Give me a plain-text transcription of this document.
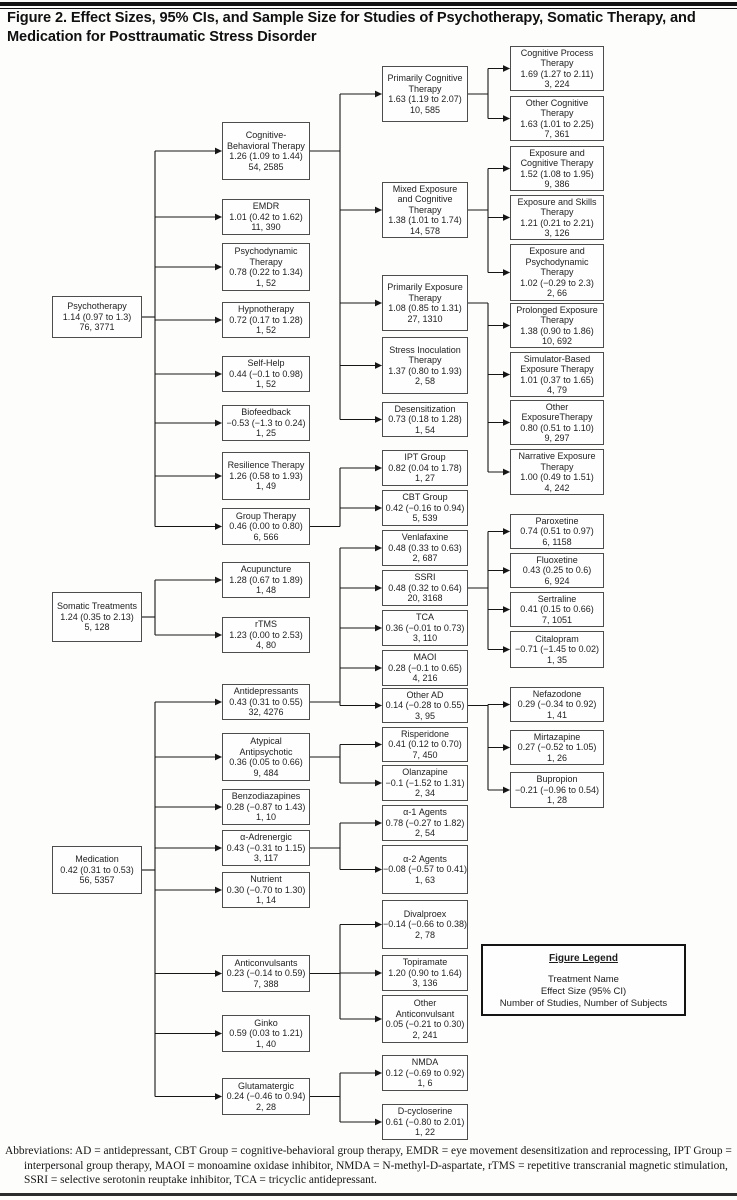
Figure 2. Effect Sizes, 95% CIs, and Sample Size for Studies of Psychotherapy, Somatic Therapy, and Medication for Posttraumatic Stress Disorder
Psychotherapy
1.14 (0.97 to 1.3)
76, 3771
Cognitive-Behavioral Therapy
1.26 (1.09 to 1.44)
54, 2585
EMDR
1.01 (0.42 to 1.62)
11, 390
Psychodynamic Therapy
0.78 (0.22 to 1.34)
1, 52
Hypnotherapy
0.72 (0.17 to 1.28)
1, 52
Self-Help
0.44 (−0.1 to 0.98)
1, 52
Biofeedback
−0.53 (−1.3 to 0.24)
1, 25
Resilience Therapy
1.26 (0.58 to 1.93)
1, 49
Group Therapy
0.46 (0.00 to 0.80)
6, 566
Primarily Cognitive Therapy
1.63 (1.19 to 2.07)
10, 585
Mixed Exposure and Cognitive Therapy
1.38 (1.01 to 1.74)
14, 578
Primarily Exposure Therapy
1.08 (0.85 to 1.31)
27, 1310
Stress Inoculation Therapy
1.37 (0.80 to 1.93)
2, 58
Desensitization
0.73 (0.18 to 1.28)
1, 54
Cognitive Process Therapy
1.69 (1.27 to 2.11)
3, 224
Other Cognitive Therapy
1.63 (1.01 to 2.25)
7, 361
Exposure and Cognitive Therapy
1.52 (1.08 to 1.95)
9, 386
Exposure and Skills Therapy
1.21 (0.21 to 2.21)
3, 126
Exposure and Psychodynamic Therapy
1.02 (−0.29 to 2.3)
2, 66
Prolonged Exposure Therapy
1.38 (0.90 to 1.86)
10, 692
Simulator-Based Exposure Therapy
1.01 (0.37 to 1.65)
4, 79
Other ExposureTherapy
0.80 (0.51 to 1.10)
9, 297
Narrative Exposure Therapy
1.00 (0.49 to 1.51)
4, 242
IPT Group
0.82 (0.04 to 1.78)
1, 27
CBT Group
0.42 (−0.16 to 0.94)
5, 539
Somatic Treatments
1.24 (0.35 to 2.13)
5, 128
Acupuncture
1.28 (0.67 to 1.89)
1, 48
rTMS
1.23 (0.00 to 2.53)
4, 80
Medication
0.42 (0.31 to 0.53)
56, 5357
Antidepressants
0.43 (0.31 to 0.55)
32, 4276
Atypical Antipsychotic
0.36 (0.05 to 0.66)
9, 484
Benzodiazapines
0.28 (−0.87 to 1.43)
1, 10
α-Adrenergic
0.43 (−0.31 to 1.15)
3, 117
Nutrient
0.30 (−0.70 to 1.30)
1, 14
Anticonvulsants
0.23 (−0.14 to 0.59)
7, 388
Ginko
0.59 (0.03 to 1.21)
1, 40
Glutamatergic
0.24 (−0.46 to 0.94)
2, 28
Venlafaxine
0.48 (0.33 to 0.63)
2, 687
SSRI
0.48 (0.32 to 0.64)
20, 3168
TCA
0.36 (−0.01 to 0.73)
3, 110
MAOI
0.28 (−0.1 to 0.65)
4, 216
Other AD
0.14 (−0.28 to 0.55)
3, 95
Paroxetine
0.74 (0.51 to 0.97)
6, 1158
Fluoxetine
0.43 (0.25 to 0.6)
6, 924
Sertraline
0.41 (0.15 to 0.66)
7, 1051
Citalopram
−0.71 (−1.45 to 0.02)
1, 35
Nefazodone
0.29 (−0.34 to 0.92)
1, 41
Mirtazapine
0.27 (−0.52 to 1.05)
1, 26
Bupropion
−0.21 (−0.96 to 0.54)
1, 28
Risperidone
0.41 (0.12 to 0.70)
7, 450
Olanzapine
−0.1 (−1.52 to 1.31)
2, 34
α-1 Agents
0.78 (−0.27 to 1.82)
2, 54
α-2 Agents
−0.08 (−0.57 to 0.41)
1, 63
Divalproex
−0.14 (−0.66 to 0.38)
2, 78
Topiramate
1.20 (0.90 to 1.64)
3, 136
Other Anticonvulsant
0.05 (−0.21 to 0.30)
2, 241
NMDA
0.12 (−0.69 to 0.92)
1, 6
D-cycloserine
0.61 (−0.80 to 2.01)
1, 22
Figure Legend
Treatment Name
Effect Size (95% CI)
Number of Studies, Number of Subjects

Abbreviations: AD = antidepressant, CBT Group = cognitive-behavioral group therapy, EMDR = eye movement desensitization and reprocessing, IPT Group = interpersonal group therapy, MAOI = monoamine oxidase inhibitor, NMDA = N-methyl-D-aspartate, rTMS = repetitive transcranial magnetic stimulation, SSRI = selective serotonin reuptake inhibitor, TCA = tricyclic antidepressant.
